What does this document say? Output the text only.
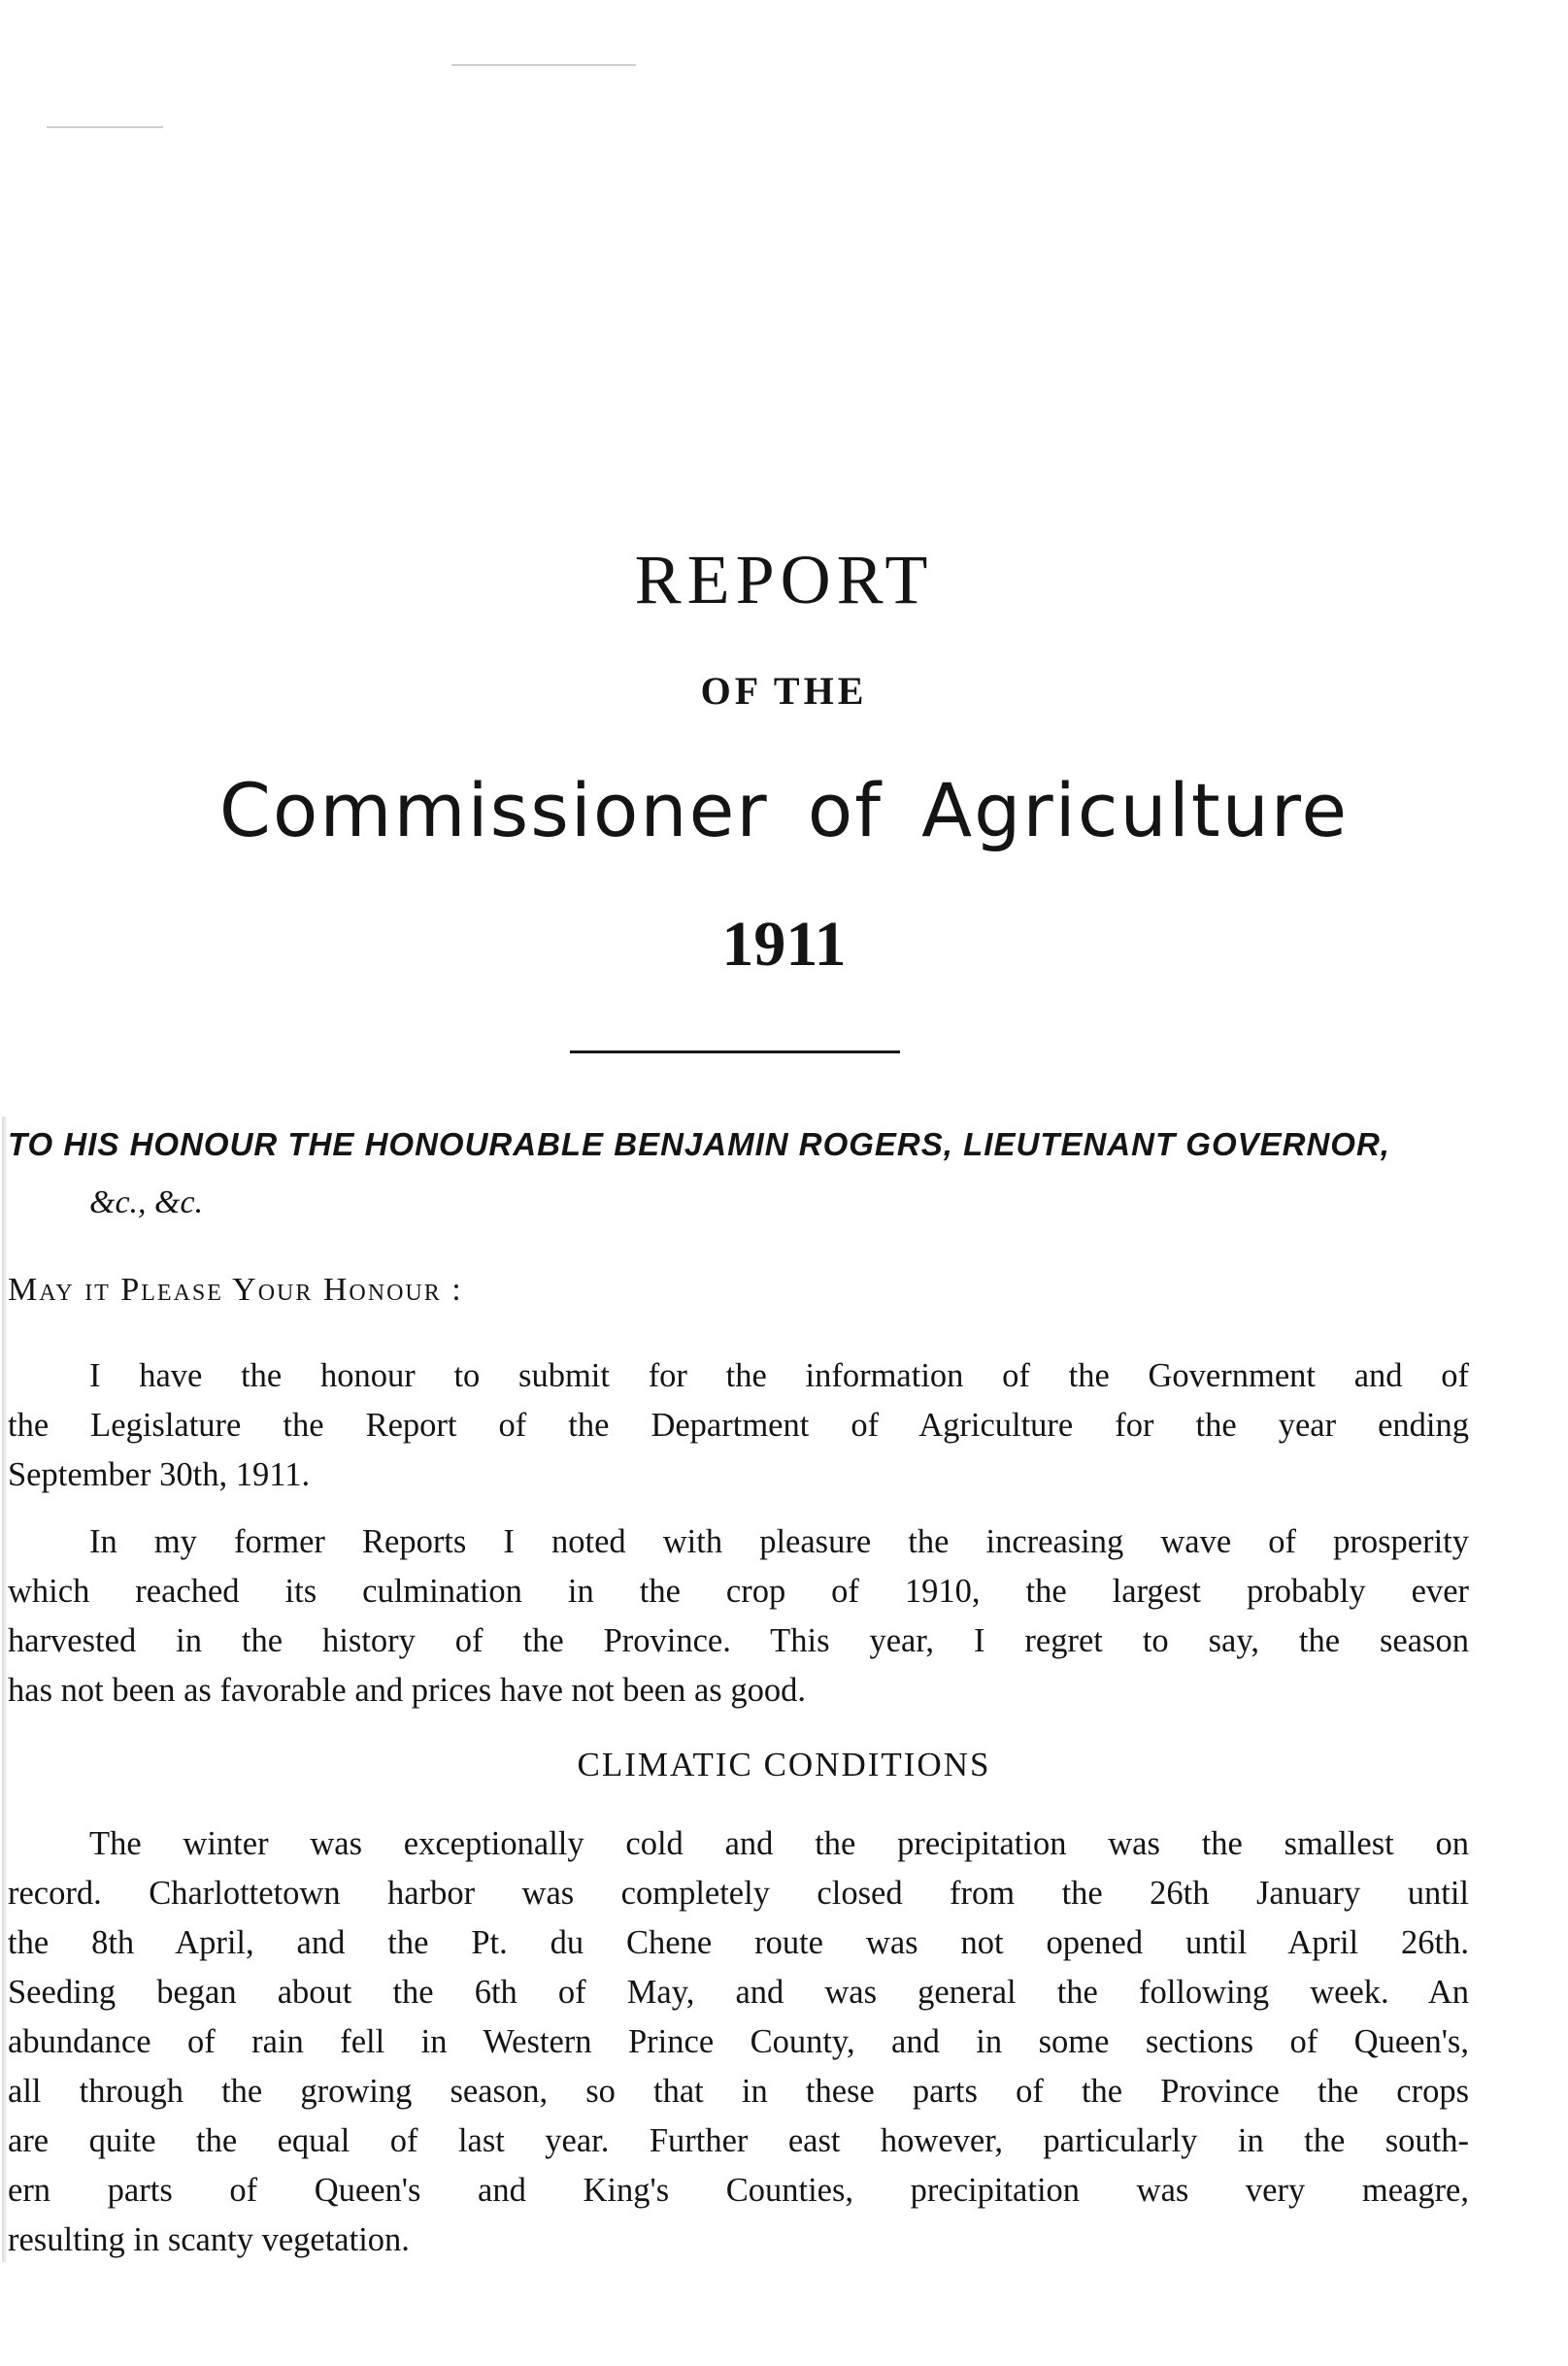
REPORT
OF THE
Commissioner of Agriculture
1911
TO HIS HONOUR THE HONOURABLE BENJAMIN ROGERS, LIEUTENANT GOVERNOR,
&c., &c.
May it Please Your Honour :
I have the honour to submit for the information of the Government and of
the Legislature the Report of the Department of Agriculture for the year ending
September 30th, 1911.
In my former Reports I noted with pleasure the increasing wave of prosperity
which reached its culmination in the crop of 1910, the largest probably ever
harvested in the history of the Province. This year, I regret to say, the season
has not been as favorable and prices have not been as good.
CLIMATIC CONDITIONS
The winter was exceptionally cold and the precipitation was the smallest on
record. Charlottetown harbor was completely closed from the 26th January until
the 8th April, and the Pt. du Chene route was not opened until April 26th.
Seeding began about the 6th of May, and was general the following week. An
abundance of rain fell in Western Prince County, and in some sections of Queen's,
all through the growing season, so that in these parts of the Province the crops
are quite the equal of last year. Further east however, particularly in the south-
ern parts of Queen's and King's Counties, precipitation was very meagre,
resulting in scanty vegetation.
